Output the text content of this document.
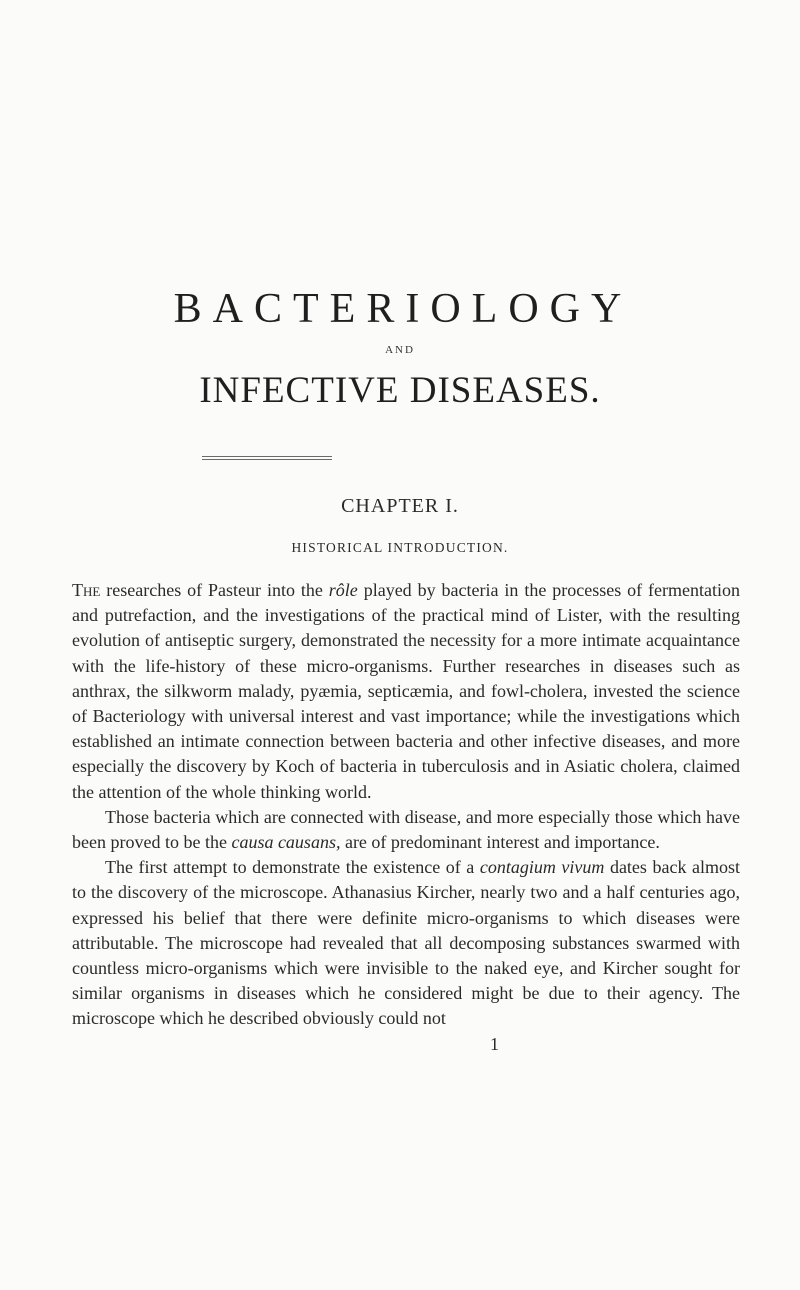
BACTERIOLOGY
AND
INFECTIVE DISEASES.
CHAPTER I.
HISTORICAL INTRODUCTION.

The researches of Pasteur into the rôle played by bacteria in the processes of fermentation and putrefaction, and the investigations of the practical mind of Lister, with the resulting evolution of antiseptic surgery, demonstrated the necessity for a more intimate acquaintance with the life-history of these micro-organisms. Further researches in diseases such as anthrax, the silkworm malady, pyæmia, septicæmia, and fowl-cholera, invested the science of Bacteriology with universal interest and vast importance; while the investigations which established an intimate connection between bacteria and other infective diseases, and more especially the discovery by Koch of bacteria in tuberculosis and in Asiatic cholera, claimed the attention of the whole thinking world.

Those bacteria which are connected with disease, and more especially those which have been proved to be the causa causans, are of predominant interest and importance.

The first attempt to demonstrate the existence of a contagium vivum dates back almost to the discovery of the microscope. Athanasius Kircher, nearly two and a half centuries ago, expressed his belief that there were definite micro-organisms to which diseases were attributable. The microscope had revealed that all decomposing substances swarmed with countless micro-organisms which were invisible to the naked eye, and Kircher sought for similar organisms in diseases which he considered might be due to their agency. The microscope which he described obviously could not

1
